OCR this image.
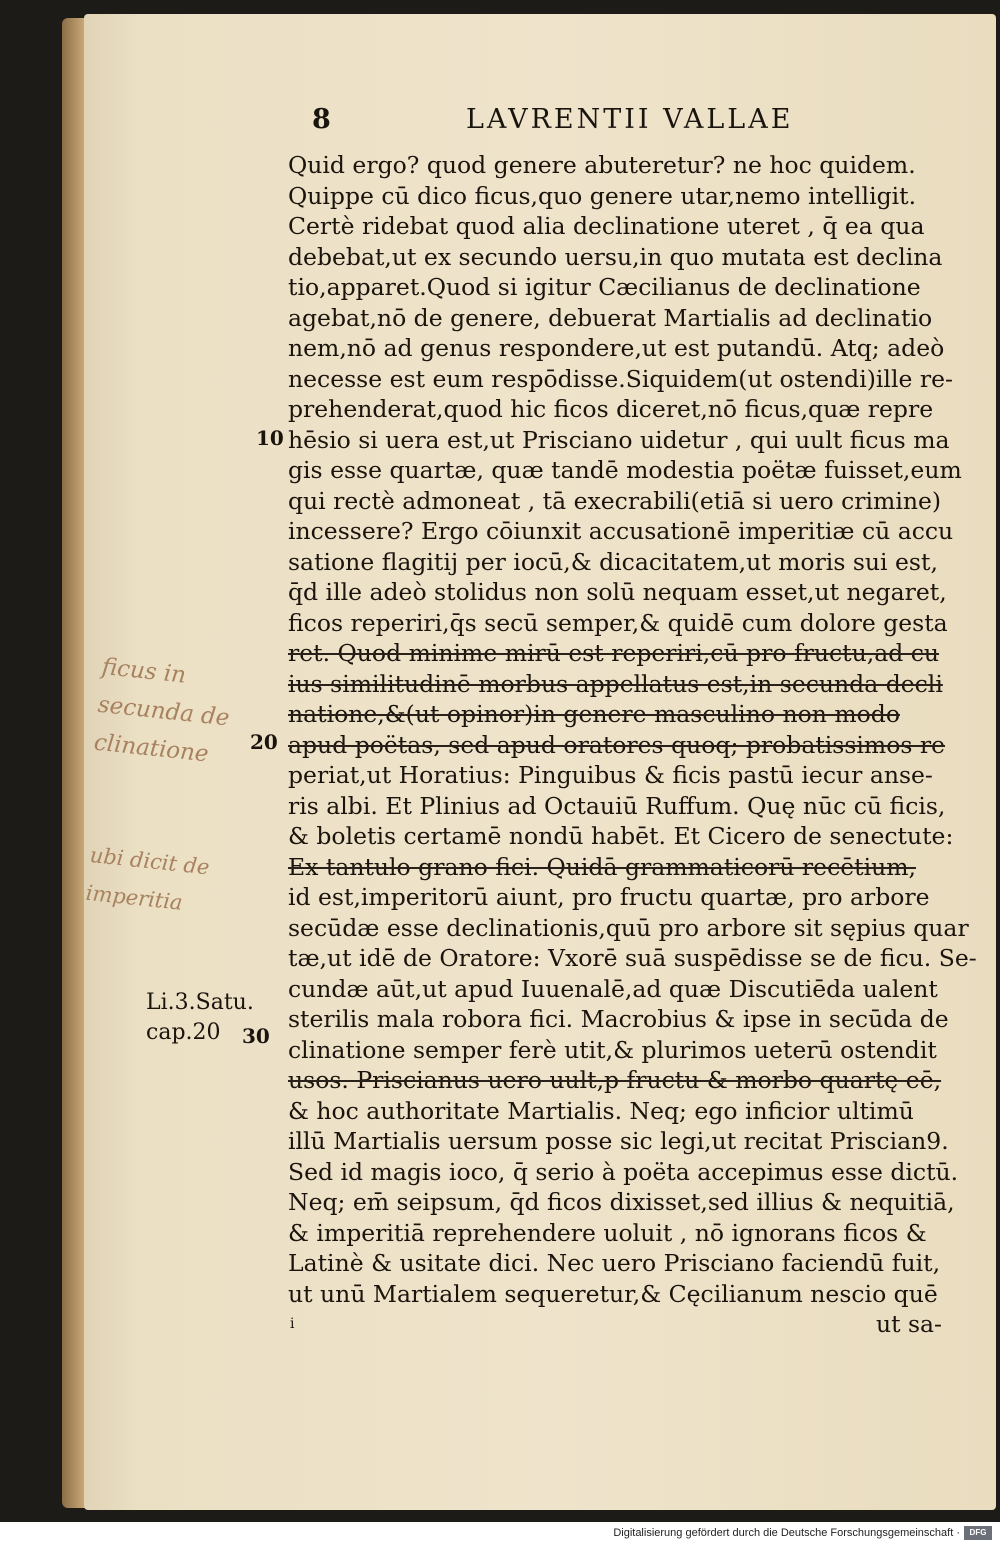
8	LAVRENTII VALLAE
Quid ergo? quod genere abuteretur? ne hoc quidem.
Quippe cū dico ficus,quo genere utar,nemo intelligit.
Certè ridebat quod alia declinatione uteret , q̄ ea qua
debebat,ut ex secundo uersu,in quo mutata est declina
tio,apparet.Quod si igitur Cæcilianus de declinatione
agebat,nō de genere, debuerat Martialis ad declinatio
nem,nō ad genus respondere,ut est putandū. Atq; adeò
necesse est eum respōdisse.Siquidem(ut ostendi)ille re-
prehenderat,quod hic ficos diceret,nō ficus,quæ repre
hēsio si uera est,ut Prisciano uidetur , qui uult ficus ma
gis esse quartæ, quæ tandē modestia poëtæ fuisset,eum
qui rectè admoneat , tā execrabili(etiā si uero crimine)
incessere? Ergo cōiunxit accusationē imperitiæ cū accu
satione flagitij per iocū,& dicacitatem,ut moris sui est,
q̄d ille adeò stolidus non solū nequam esset,ut negaret,
ficos reperiri,q̄s secū semper,& quidē cum dolore gesta
ret. Quod minime mirū est reperiri,cū pro fructu,ad cu
ius similitudinē morbus appellatus est,in secunda decli
natione,&(ut opinor)in genere masculino non modo
apud poëtas, sed apud oratores quoq; probatissimos re
periat,ut Horatius: Pinguibus & ficis pastū iecur anse-
ris albi. Et Plinius ad Octauiū Ruffum. Quę nūc cū ficis,
& boletis certamē nondū habēt. Et Cicero de senectute:
Ex tantulo grano fici. Quidā grammaticorū recētium,
id est,imperitorū aiunt, pro fructu quartæ, pro arbore
secūdæ esse declinationis,quū pro arbore sit sępius quar
tæ,ut idē de Oratore: Vxorē suā suspēdisse se de ficu. Se-
cundæ aūt,ut apud Iuuenalē,ad quæ Discutiēda ualent
sterilis mala robora fici. Macrobius & ipse in secūda de
clinatione semper ferè utit,& plurimos ueterū ostendit
usos. Priscianus uero uult,p fructu & morbo quartę eē,
& hoc authoritate Martialis. Neq; ego inficior ultimū
illū Martialis uersum posse sic legi,ut recitat Priscian9.
Sed id magis ioco, q̄ serio à poëta accepimus esse dictū.
Neq; em̄ seipsum, q̄d ficos dixisset,sed illius & nequitiā,
& imperitiā reprehendere uoluit , nō ignorans ficos &
Latinè & usitate dici. Nec uero Prisciano faciendū fuit,
ut unū Martialem sequeretur,& Cęcilianum nescio quē
i	ut sa-
10
20
30
ficus in
secunda de
clinatione
ubi dicit de
imperitia
Li.3.Satu.
cap.20
Digitalisierung gefördert durch die Deutsche Forschungsgemeinschaft ·	DFG
